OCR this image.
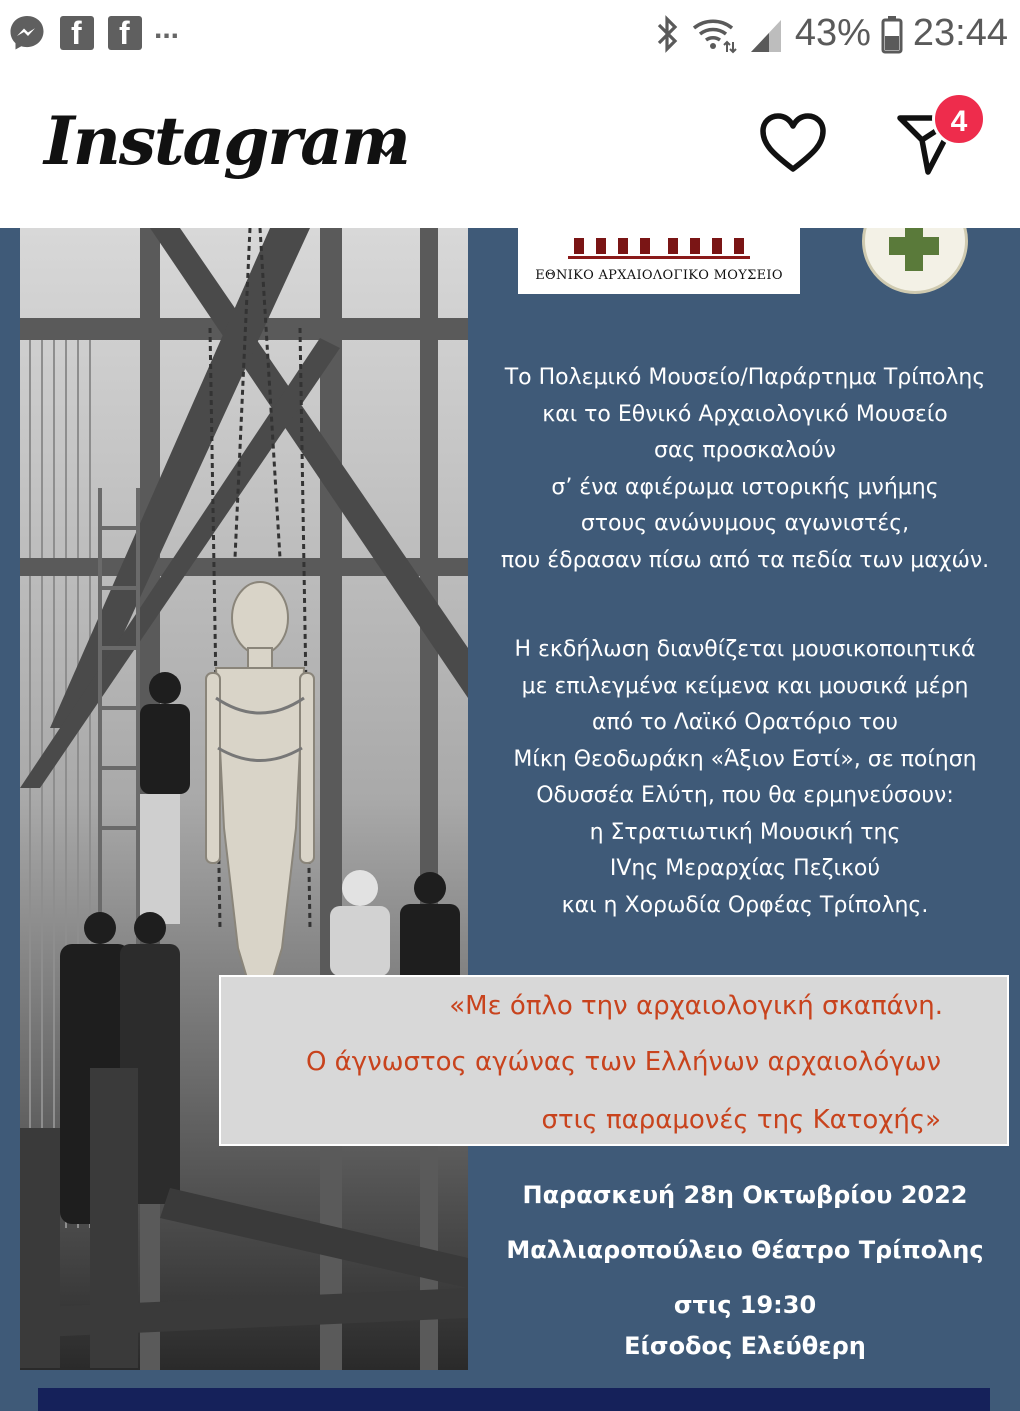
f f ...	43% 23:44
Instagram	4
ΕΘΝΙΚΟ ΑΡΧΑΙΟΛΟΓΙΚΟ ΜΟΥΣΕΙΟ
Το Πολεμικό Μουσείο/Παράρτημα Τρίπολης
και το Εθνικό Αρχαιολογικό Μουσείο
σας προσκαλούν
σ’ ένα αφιέρωμα ιστορικής μνήμης
στους ανώνυμους αγωνιστές,
που έδρασαν πίσω από τα πεδία των μαχών.
Η εκδήλωση διανθίζεται μουσικοποιητικά
με επιλεγμένα κείμενα και μουσικά μέρη
από το Λαϊκό Ορατόριο του
Μίκη Θεοδωράκη «Άξιον Εστί», σε ποίηση
Οδυσσέα Ελύτη, που θα ερμηνεύσουν:
η Στρατιωτική Μουσική της
IVης Μεραρχίας Πεζικού
και η Χορωδία Ορφέας Τρίπολης.
«Με όπλο την αρχαιολογική σκαπάνη.
Ο άγνωστος αγώνας των Ελλήνων αρχαιολόγων
στις παραμονές της Κατοχής»
Παρασκευή 28η Οκτωβρίου 2022
Μαλλιαροπούλειο Θέατρο Τρίπολης
στις 19:30
Είσοδος Ελεύθερη
